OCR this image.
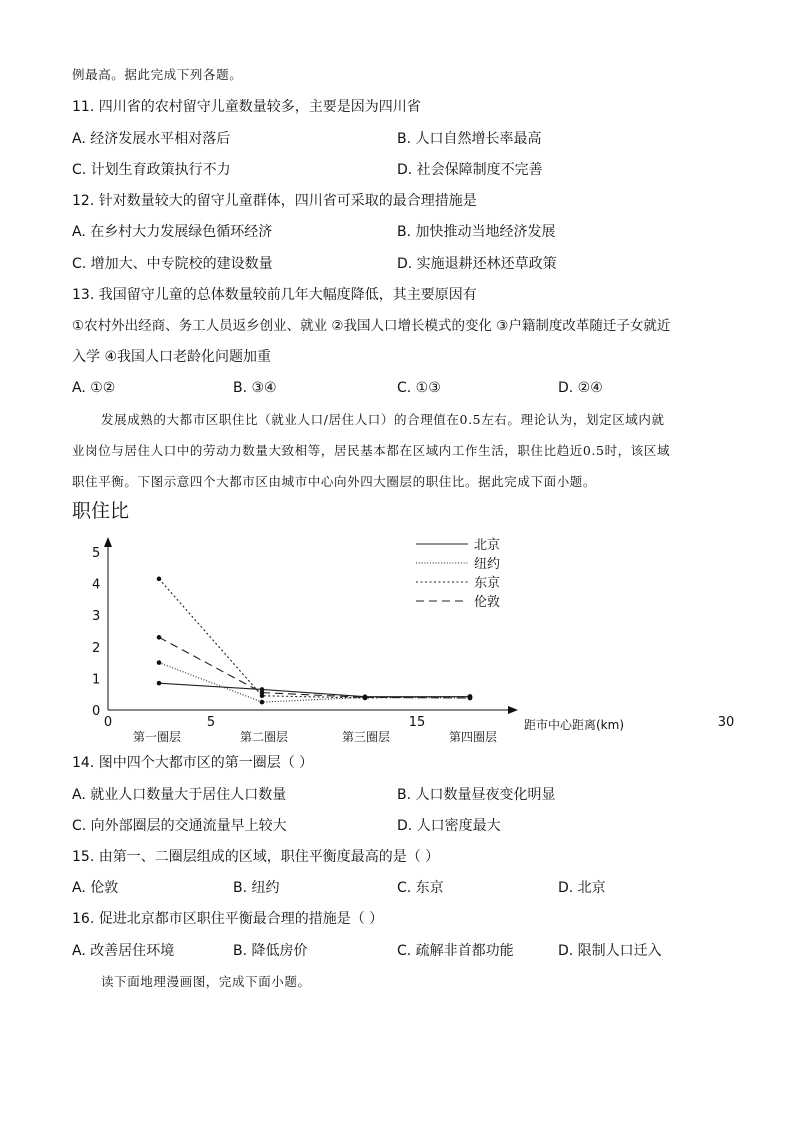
例最高。据此完成下列各题。
11. 四川省的农村留守儿童数量较多，主要是因为四川省
A. 经济发展水平相对落后	B. 人口自然增长率最高
C. 计划生育政策执行不力	D. 社会保障制度不完善
12. 针对数量较大的留守儿童群体，四川省可采取的最合理措施是
A. 在乡村大力发展绿色循环经济	B. 加快推动当地经济发展
C. 增加大、中专院校的建设数量	D. 实施退耕还林还草政策
13. 我国留守儿童的总体数量较前几年大幅度降低，其主要原因有
①农村外出经商、务工人员返乡创业、就业 ②我国人口增长模式的变化 ③户籍制度改革随迁子女就近
入学 ④我国人口老龄化问题加重
A. ①②	B. ③④	C. ①③	D. ②④
发展成熟的大都市区职住比（就业人口/居住人口）的合理值在0.5左右。理论认为，划定区域内就
业岗位与居住人口中的劳动力数量大致相等，居民基本都在区域内工作生活，职住比趋近0.5时，该区域
职住平衡。下图示意四个大都市区由城市中心向外四大圈层的职住比。据此完成下面小题。
职住比
0
1
2
3
4
5
0	5	15	30
第一圈层	第二圈层	第三圈层	第四圈层
距市中心距离(km)
北京
纽约
东京
伦敦
14. 图中四个大都市区的第一圈层（ ）
A. 就业人口数量大于居住人口数量	B. 人口数量昼夜变化明显
C. 向外部圈层的交通流量早上较大	D. 人口密度最大
15. 由第一、二圈层组成的区域，职住平衡度最高的是（ ）
A. 伦敦	B. 纽约	C. 东京	D. 北京
16. 促进北京都市区职住平衡最合理的措施是（ ）
A. 改善居住环境	B. 降低房价	C. 疏解非首都功能	D. 限制人口迁入
读下面地理漫画图，完成下面小题。
